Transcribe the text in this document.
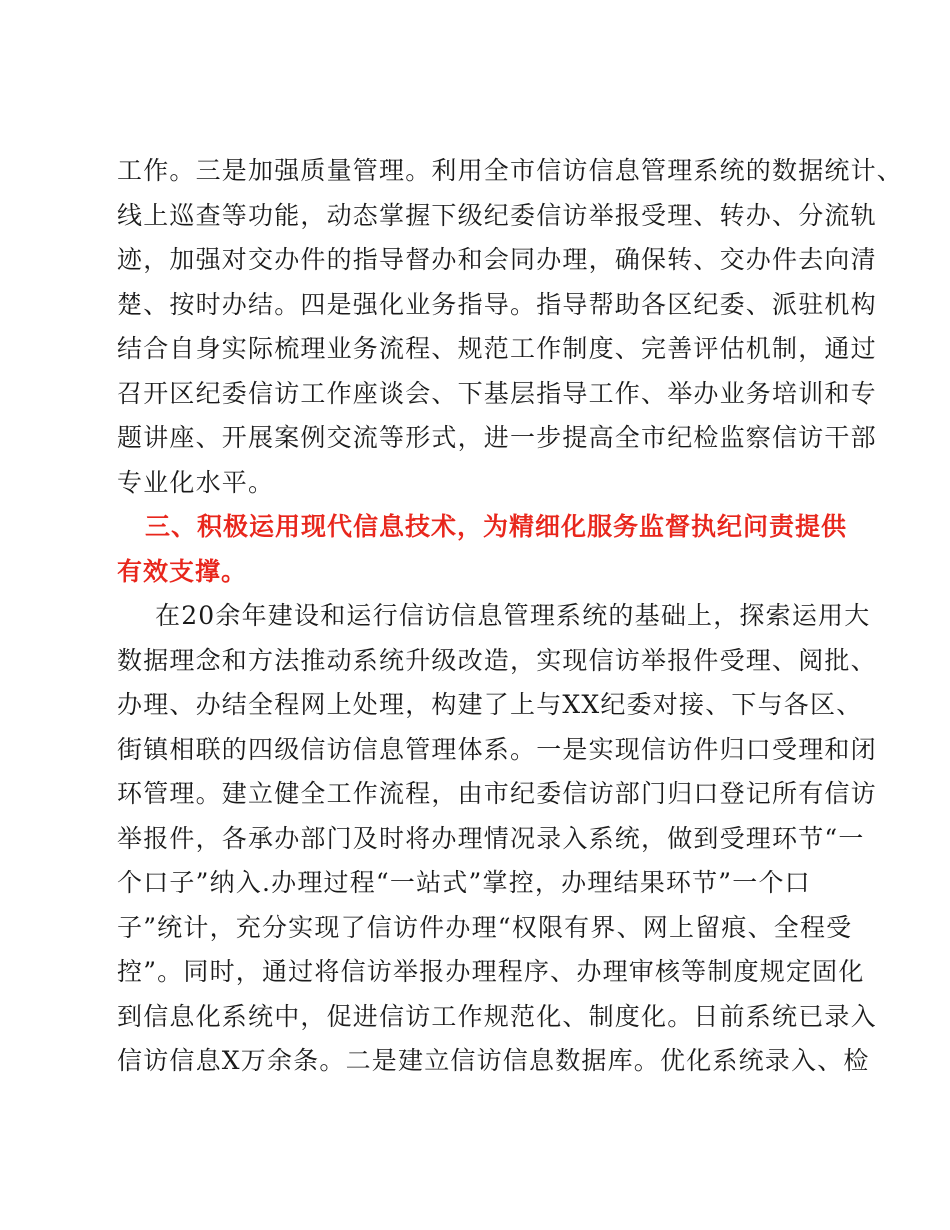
工作。三是加强质量管理。利用全市信访信息管理系统的数据统计、
线上巡查等功能，动态掌握下级纪委信访举报受理、转办、分流轨
迹，加强对交办件的指导督办和会同办理，确保转、交办件去向清
楚、按时办结。四是强化业务指导。指导帮助各区纪委、派驻机构
结合自身实际梳理业务流程、规范工作制度、完善评估机制，通过
召开区纪委信访工作座谈会、下基层指导工作、举办业务培训和专
题讲座、开展案例交流等形式，进一步提高全市纪检监察信访干部
专业化水平。
三、积极运用现代信息技术，为精细化服务监督执纪问责提供
有效支撑。
在20余年建设和运行信访信息管理系统的基础上，探索运用大
数据理念和方法推动系统升级改造，实现信访举报件受理、阅批、
办理、办结全程网上处理，构建了上与XX纪委对接、下与各区、
街镇相联的四级信访信息管理体系。一是实现信访件归口受理和闭
环管理。建立健全工作流程，由市纪委信访部门归口登记所有信访
举报件，各承办部门及时将办理情况录入系统，做到受理环节“一
个口子”纳入.办理过程“一站式”掌控，办理结果环节”一个口
子”统计，充分实现了信访件办理“权限有界、网上留痕、全程受
控”。同时，通过将信访举报办理程序、办理审核等制度规定固化
到信息化系统中，促进信访工作规范化、制度化。日前系统已录入
信访信息X万余条。二是建立信访信息数据库。优化系统录入、检
